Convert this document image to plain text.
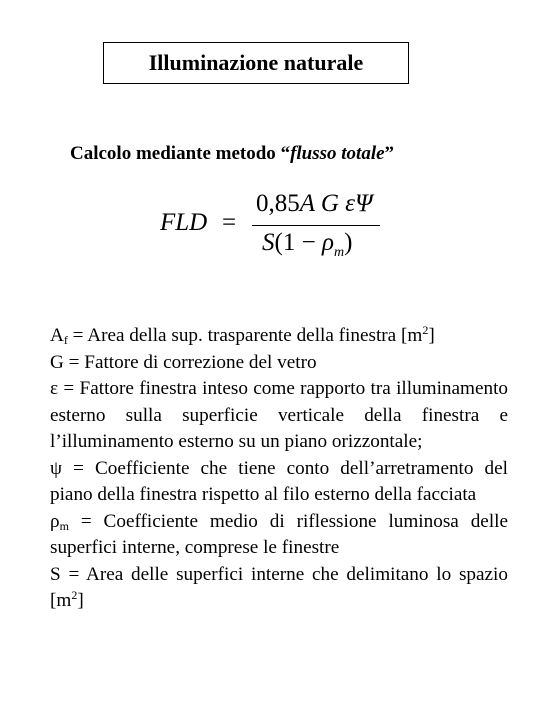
Illuminazione naturale
Calcolo mediante metodo “flusso totale”
FLD =
0,85A G εΨ
$S(1 - \rho_m)$

$A_f$ = Area della sup. trasparente della finestra $[m^2]$

G = Fattore di correzione del vetro

ε = Fattore finestra inteso come rapporto tra illuminamento esterno sulla superficie verticale della finestra e l’illuminamento esterno su un piano orizzontale;

ψ = Coefficiente che tiene conto dell’arretramento del piano della finestra rispetto al filo esterno della facciata

$\rho_m$ = Coefficiente medio di riflessione luminosa delle superfici interne, comprese le finestre

S = Area delle superfici interne che delimitano lo spazio $[m^2]$
